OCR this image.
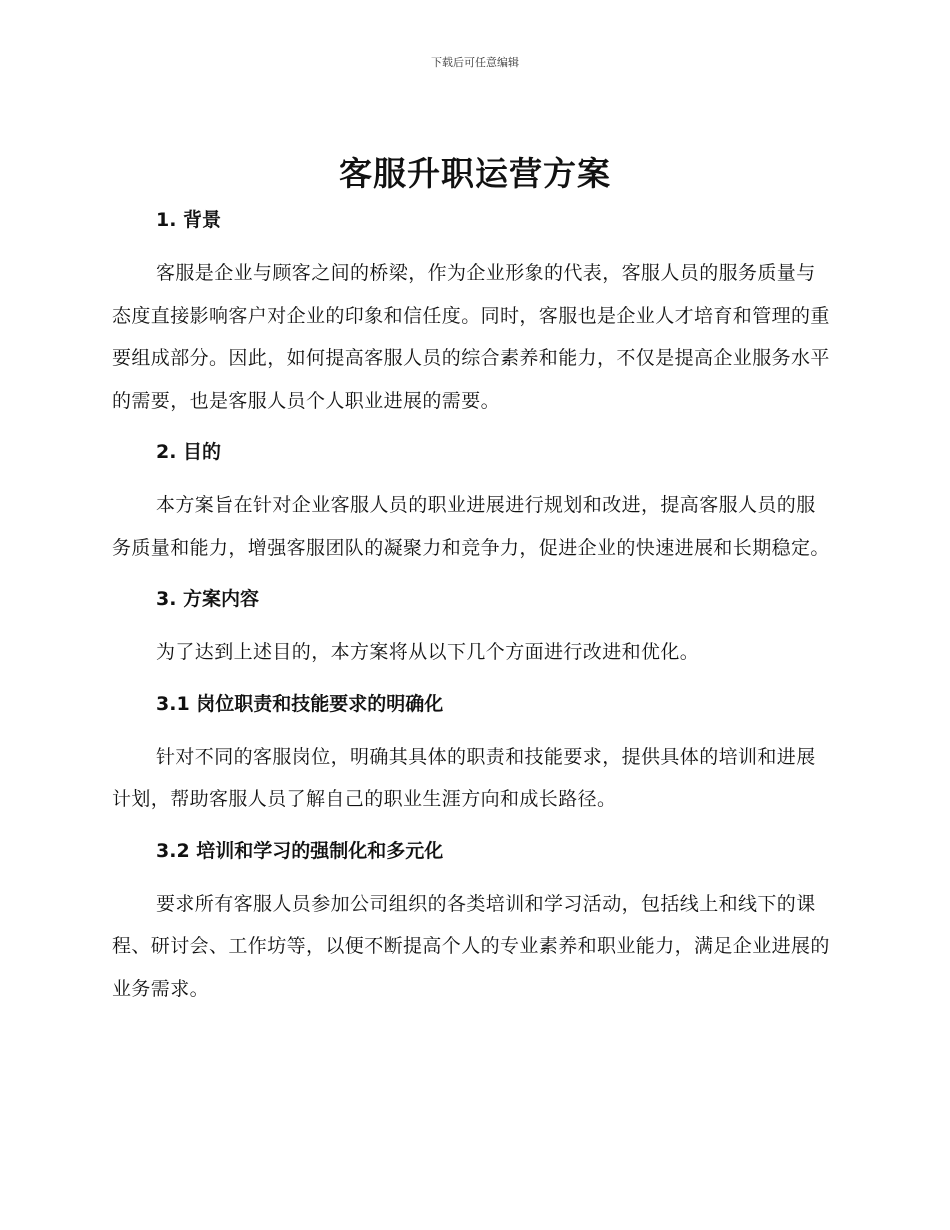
下载后可任意编辑
客服升职运营方案
1. 背景

客服是企业与顾客之间的桥梁，作为企业形象的代表，客服人员的服务质量与态度直接影响客户对企业的印象和信任度。同时，客服也是企业人才培育和管理的重要组成部分。因此，如何提高客服人员的综合素养和能力，不仅是提高企业服务水平的需要，也是客服人员个人职业进展的需要。

2. 目的

本方案旨在针对企业客服人员的职业进展进行规划和改进，提高客服人员的服务质量和能力，增强客服团队的凝聚力和竞争力，促进企业的快速进展和长期稳定。

3. 方案内容

为了达到上述目的，本方案将从以下几个方面进行改进和优化。

3.1 岗位职责和技能要求的明确化

针对不同的客服岗位，明确其具体的职责和技能要求，提供具体的培训和进展计划，帮助客服人员了解自己的职业生涯方向和成长路径。

3.2 培训和学习的强制化和多元化

要求所有客服人员参加公司组织的各类培训和学习活动，包括线上和线下的课程、研讨会、工作坊等，以便不断提高个人的专业素养和职业能力，满足企业进展的业务需求。
